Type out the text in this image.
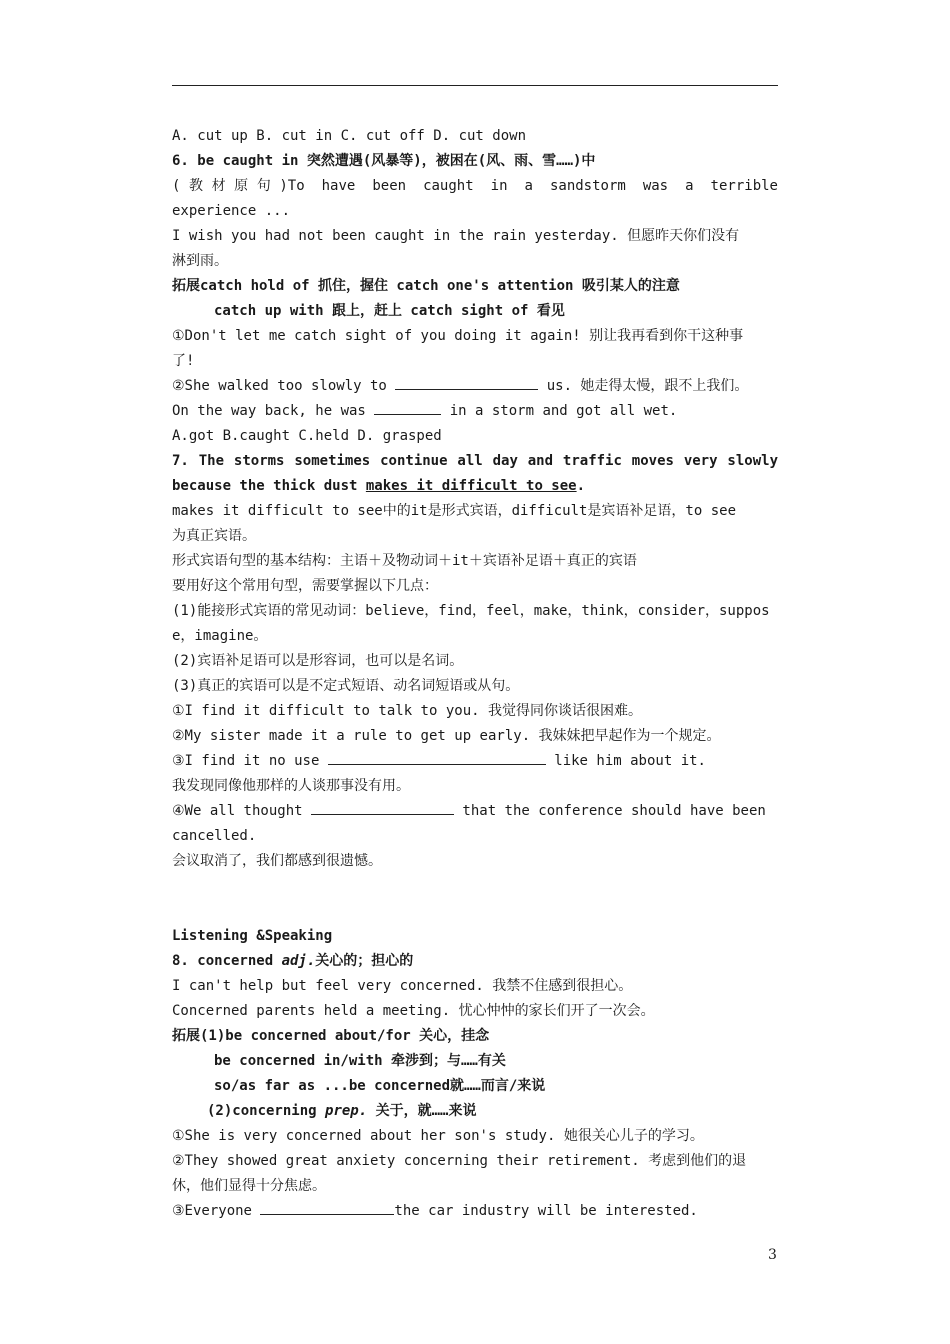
A. cut up B. cut in C. cut off D. cut down
6. be caught in 突然遭遇(风暴等)，被困在(风、雨、雪……)中
(教材原句)To have been caught in a sandstorm was a terrible
experience ...
I wish you had not been caught in the rain yesterday. 但愿昨天你们没有
淋到雨。
拓展catch hold of 抓住，握住 catch one's attention 吸引某人的注意
catch up with 跟上，赶上 catch sight of 看见
①Don't let me catch sight of you doing it again! 别让我再看到你干这种事
了!
②She walked too slowly to	us. 她走得太慢，跟不上我们。
On the way back, he was	in a storm and got all wet.
A.got B.caught C.held D. grasped
7. The storms sometimes continue all day and traffic moves very slowly
because the thick dust makes it difficult to see.
makes it difficult to see中的it是形式宾语，difficult是宾语补足语，to see
为真正宾语。
形式宾语句型的基本结构：主语＋及物动词＋it＋宾语补足语＋真正的宾语
要用好这个常用句型，需要掌握以下几点：
(1)能接形式宾语的常见动词：believe，find，feel，make，think，consider，suppos
e，imagine。
(2)宾语补足语可以是形容词，也可以是名词。
(3)真正的宾语可以是不定式短语、动名词短语或从句。
①I find it difficult to talk to you. 我觉得同你谈话很困难。
②My sister made it a rule to get up early. 我妹妹把早起作为一个规定。
③I find it no use	like him about it.
我发现同像他那样的人谈那事没有用。
④We all thought	that the conference should have been
cancelled.
会议取消了，我们都感到很遗憾。
Listening &Speaking
8. concerned adj.关心的；担心的
I can't help but feel very concerned. 我禁不住感到很担心。
Concerned parents held a meeting. 忧心忡忡的家长们开了一次会。
拓展(1)be concerned about/for 关心，挂念
be concerned in/with 牵涉到；与……有关
so/as far as ...be concerned就……而言/来说
(2)concerning prep. 关于，就……来说
①She is very concerned about her son's study. 她很关心儿子的学习。
②They showed great anxiety concerning their retirement. 考虑到他们的退
休，他们显得十分焦虑。
③Everyone	the car industry will be interested.
3
